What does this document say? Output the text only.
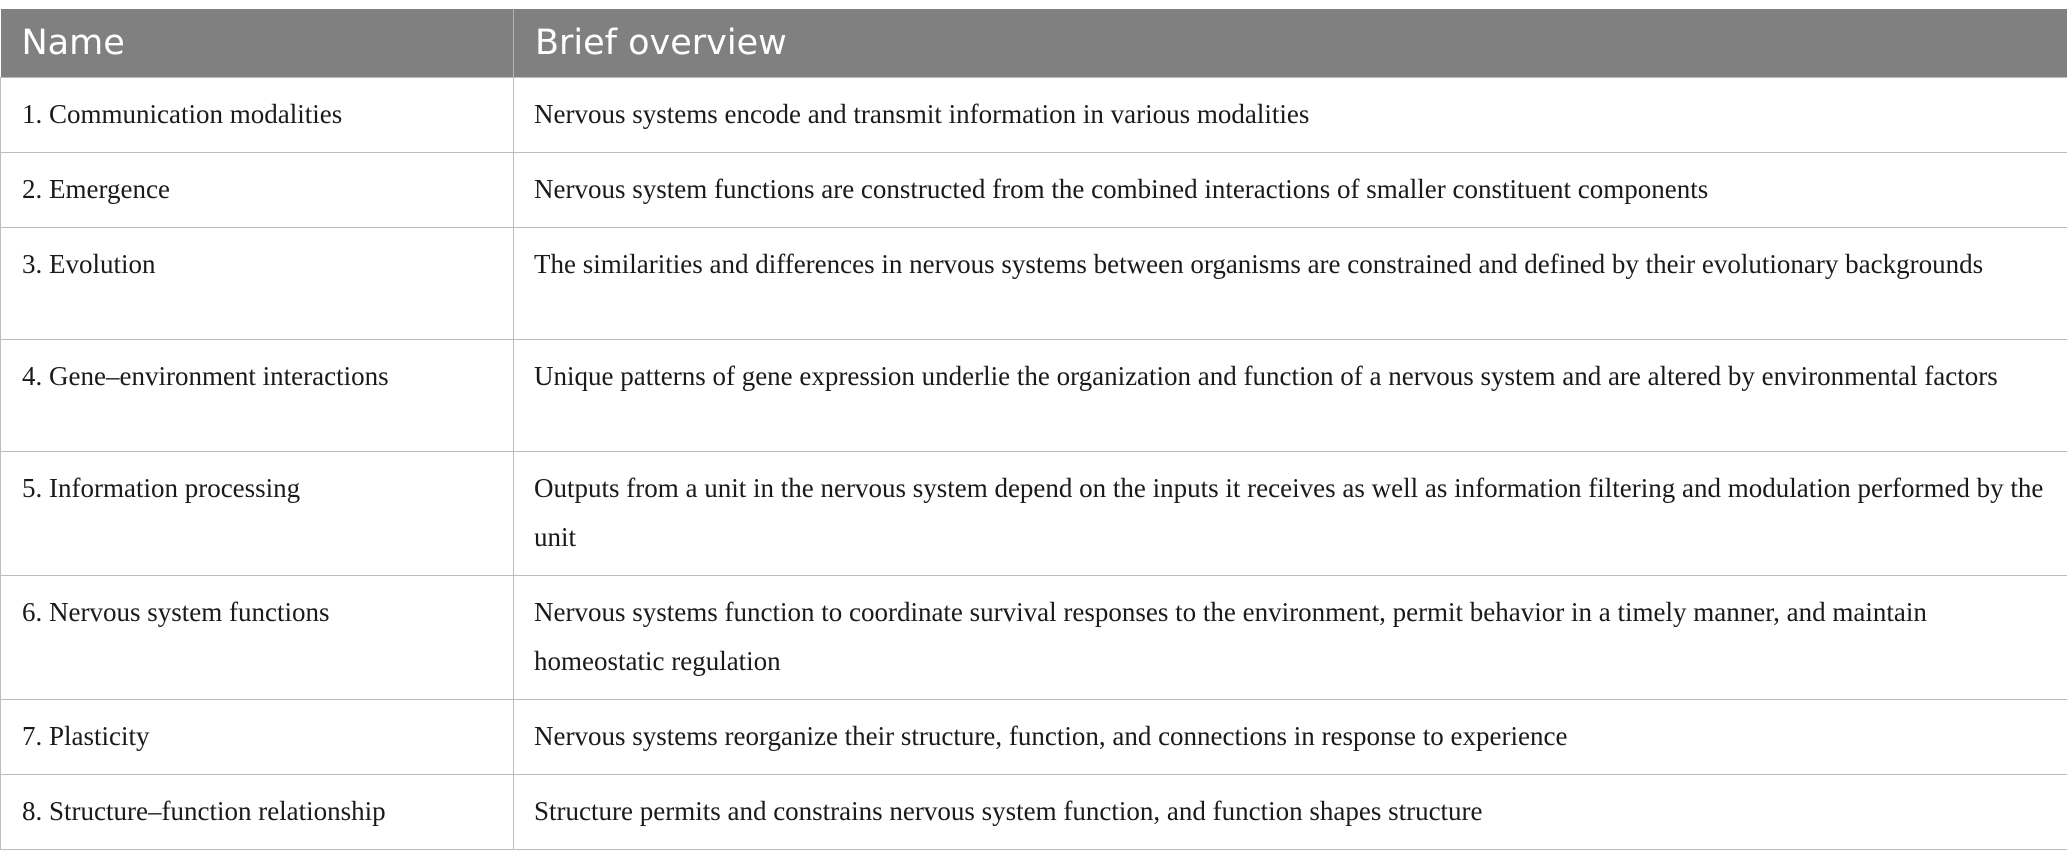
Name	Brief overview
1. Communication modalities	Nervous systems encode and transmit information in various modalities
2. Emergence	Nervous system functions are constructed from the combined interactions of smaller constituent components
3. Evolution	The similarities and differences in nervous systems between organisms are constrained and defined by their evolutionary backgrounds
4. Gene–environment interactions	Unique patterns of gene expression underlie the organization and function of a nervous system and are altered by environmental factors
5. Information processing	Outputs from a unit in the nervous system depend on the inputs it receives as well as information filtering and modulation performed by the unit
6. Nervous system functions	Nervous systems function to coordinate survival responses to the environment, permit behavior in a timely manner, and maintain homeostatic regulation
7. Plasticity	Nervous systems reorganize their structure, function, and connections in response to experience
8. Structure–function relationship	Structure permits and constrains nervous system function, and function shapes structure
